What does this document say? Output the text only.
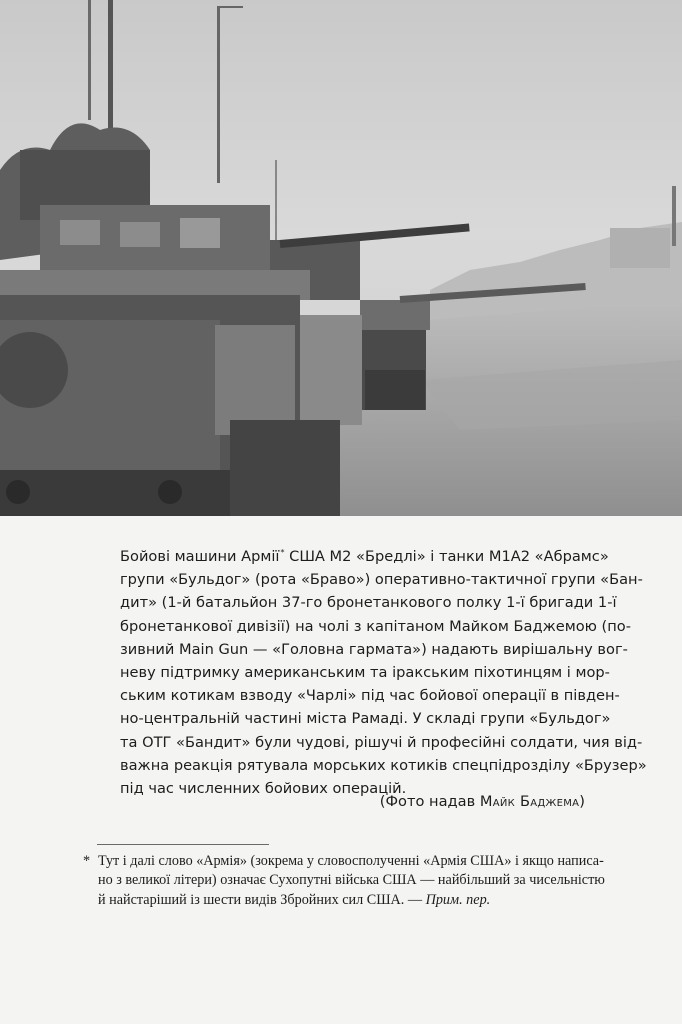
Бойові машини Армії* США M2 «Бредлі» і танки M1A2 «Абрамс»
групи «Бульдог» (рота «Браво») оперативно-тактичної групи «Бан-
дит» (1-й батальйон 37-го бронетанкового полку 1-ї бригади 1-ї
бронетанкової дивізії) на чолі з капітаном Майком Баджемою (по-
зивний Main Gun — «Головна гармата») надають вирішальну вог-
неву підтримку американським та іракським піхотинцям і мор-
ським котикам взводу «Чарлі» під час бойової операції в півден-
но-центральній частині міста Рамаді. У складі групи «Бульдог»
та ОТГ «Бандит» були чудові, рішучі й професійні солдати, чия від-
важна реакція рятувала морських котиків спецпідрозділу «Брузер»
під час численних бойових операцій.
(Фото надав Майк Баджема)
* Тут і далі слово «Армія» (зокрема у словосполученні «Армія США» і якщо написа-
но з великої літери) означає Сухопутні війська США — найбільший за чисельністю
й найстаріший із шести видів Збройних сил США. — Прим. пер.
